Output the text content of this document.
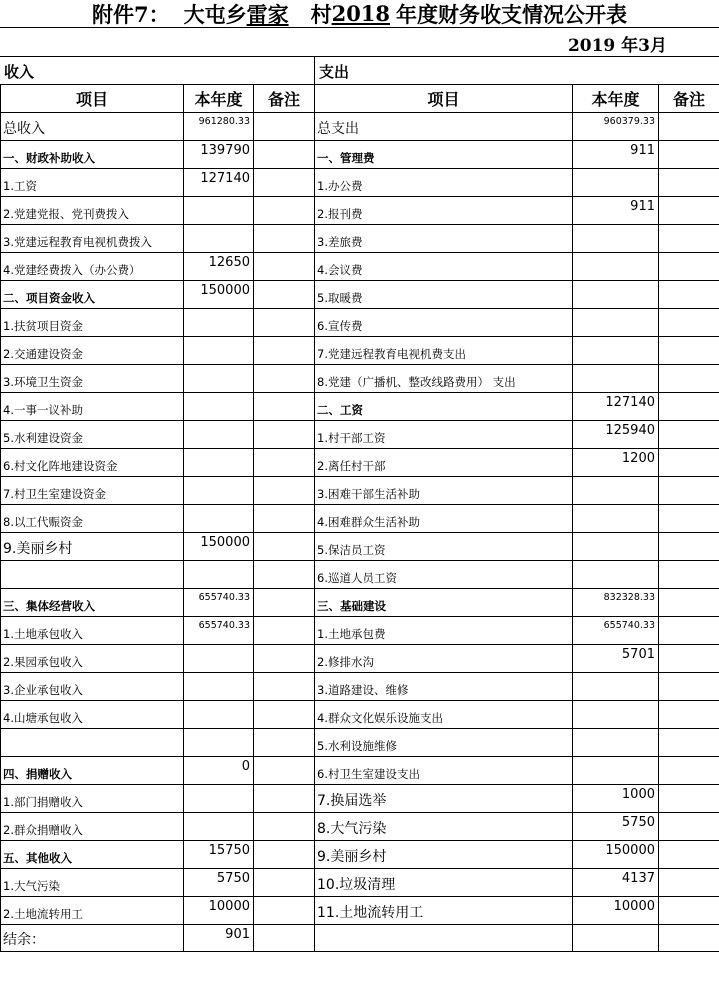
附件7： 大屯乡 雷家 村 2018 年度财务收支情况公开表
2019 年3月
收入	支出
项目	本年度	备注	项目	本年度	备注
总收入	961280.33		总支出	960379.33	
一、财政补助收入	139790		一、管理费	911	
1.工资	127140		1.办公费		
2.党建党报、党刊费拨入			2.报刊费	911	
3.党建远程教育电视机费拨入			3.差旅费		
4.党建经费拨入（办公费）	12650		4.会议费		
二、项目资金收入	150000		5.取暖费		
1.扶贫项目资金			6.宣传费		
2.交通建设资金			7.党建远程教育电视机费支出		
3.环境卫生资金			8.党建（广播机、整改线路费用） 支出		
4.一事一议补助			二、工资	127140	
5.水利建设资金			1.村干部工资	125940	
6.村文化阵地建设资金			2.离任村干部	1200	
7.村卫生室建设资金			3.困难干部生活补助		
8.以工代赈资金			4.困难群众生活补助		
9.美丽乡村	150000		5.保洁员工资		
			6.巡道人员工资		
三、集体经营收入	655740.33		三、基础建设	832328.33	
1.土地承包收入	655740.33		1.土地承包费	655740.33	
2.果园承包收入			2.修排水沟	5701	
3.企业承包收入			3.道路建设、维修		
4.山塘承包收入			4.群众文化娱乐设施支出		
			5.水利设施维修		
四、捐赠收入	0		6.村卫生室建设支出		
1.部门捐赠收入			7.换届选举	1000	
2.群众捐赠收入			8.大气污染	5750	
五、其他收入	15750		9.美丽乡村	150000	
1.大气污染	5750		10.垃圾清理	4137	
2.土地流转用工	10000		11.土地流转用工	10000	
结余：	901				
